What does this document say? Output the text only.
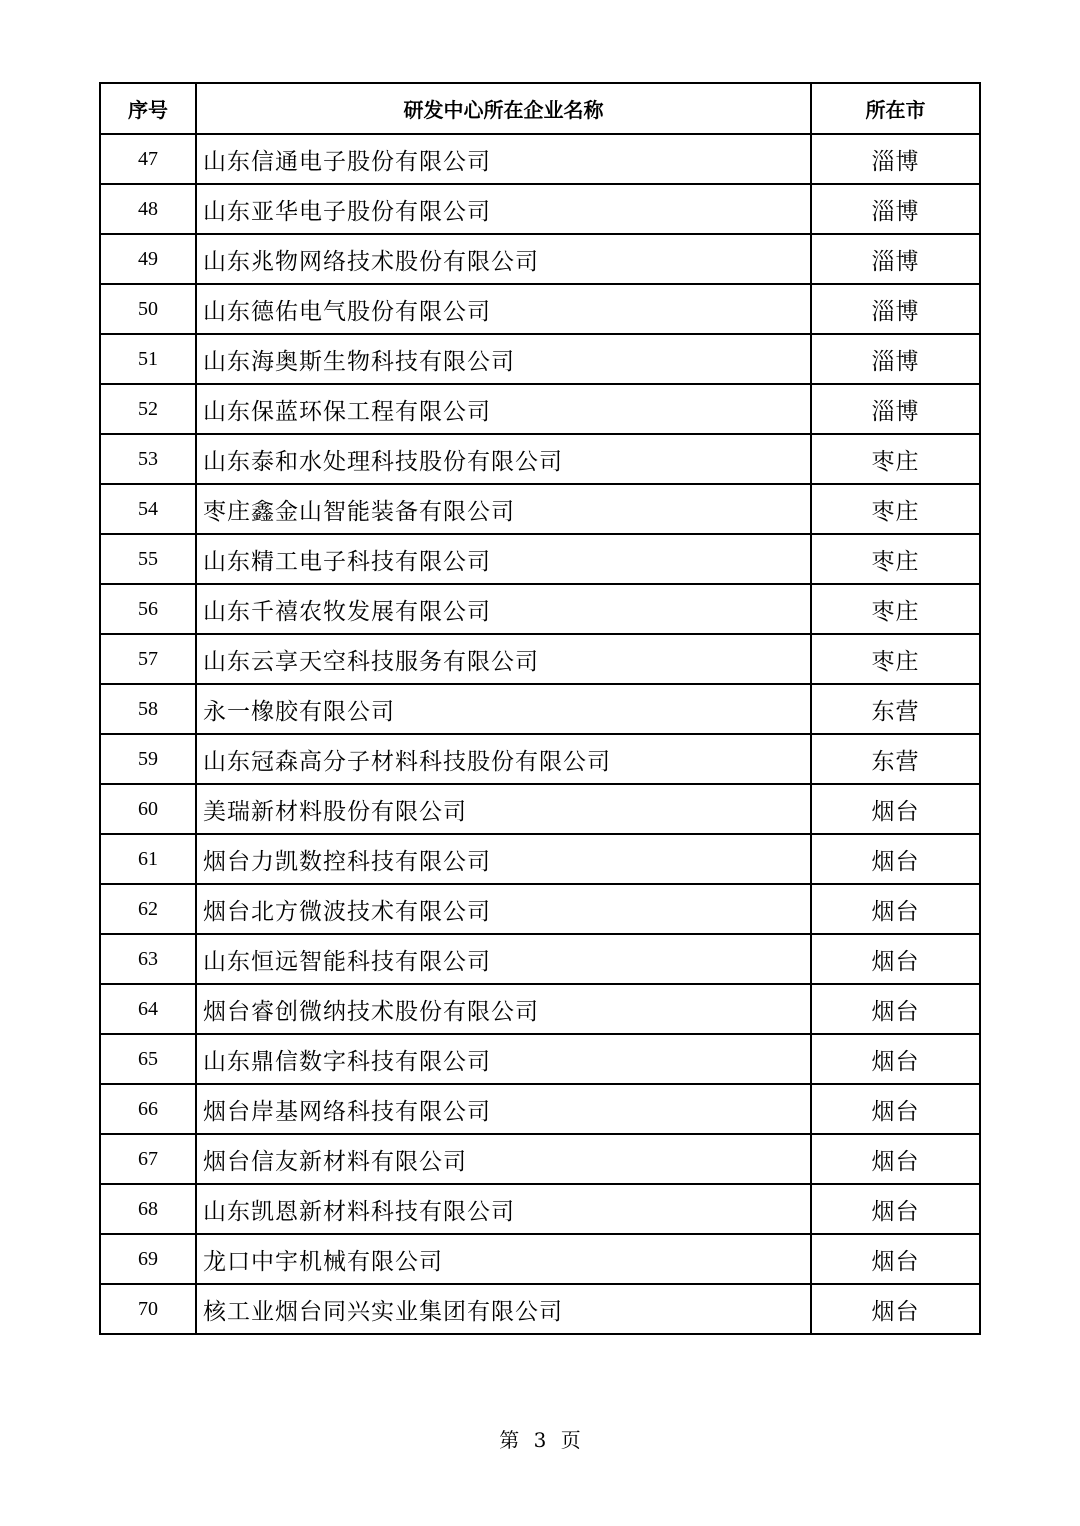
序号	研发中心所在企业名称	所在市
47	山东信通电子股份有限公司	淄博
48	山东亚华电子股份有限公司	淄博
49	山东兆物网络技术股份有限公司	淄博
50	山东德佑电气股份有限公司	淄博
51	山东海奥斯生物科技有限公司	淄博
52	山东保蓝环保工程有限公司	淄博
53	山东泰和水处理科技股份有限公司	枣庄
54	枣庄鑫金山智能装备有限公司	枣庄
55	山东精工电子科技有限公司	枣庄
56	山东千禧农牧发展有限公司	枣庄
57	山东云享天空科技服务有限公司	枣庄
58	永一橡胶有限公司	东营
59	山东冠森高分子材料科技股份有限公司	东营
60	美瑞新材料股份有限公司	烟台
61	烟台力凯数控科技有限公司	烟台
62	烟台北方微波技术有限公司	烟台
63	山东恒远智能科技有限公司	烟台
64	烟台睿创微纳技术股份有限公司	烟台
65	山东鼎信数字科技有限公司	烟台
66	烟台岸基网络科技有限公司	烟台
67	烟台信友新材料有限公司	烟台
68	山东凯恩新材料科技有限公司	烟台
69	龙口中宇机械有限公司	烟台
70	核工业烟台同兴实业集团有限公司	烟台
第 3 页
